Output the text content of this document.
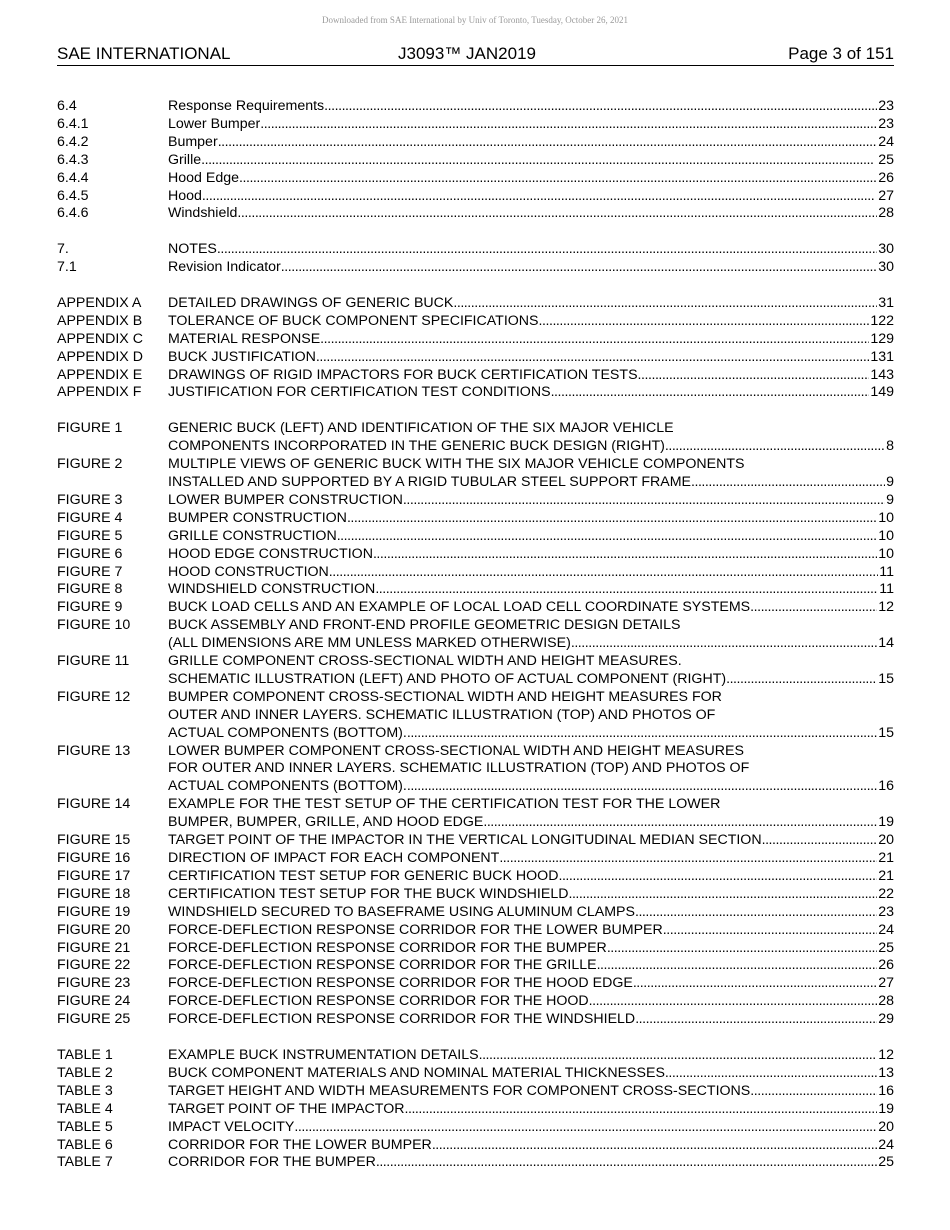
Downloaded from SAE International by Univ of Toronto, Tuesday, October 26, 2021
SAE INTERNATIONAL	J3093™ JAN2019	Page 3 of 151
6.4	Response Requirements . . .	23
6.4.1	Lower Bumper . . .	23
6.4.2	Bumper . . .	24
6.4.3	Grille . . .	25
6.4.4	Hood Edge . . .	26
6.4.5	Hood . . .	27
6.4.6	Windshield . . .	28
7.	NOTES . . .	30
7.1	Revision Indicator . . .	30
APPENDIX A	DETAILED DRAWINGS OF GENERIC BUCK . . .	31
APPENDIX B	TOLERANCE OF BUCK COMPONENT SPECIFICATIONS . . .	122
APPENDIX C	MATERIAL RESPONSE . . .	129
APPENDIX D	BUCK JUSTIFICATION . . .	131
APPENDIX E	DRAWINGS OF RIGID IMPACTORS FOR BUCK CERTIFICATION TESTS . . .	143
APPENDIX F	JUSTIFICATION FOR CERTIFICATION TEST CONDITIONS . . .	149
FIGURE 1	GENERIC BUCK (LEFT) AND IDENTIFICATION OF THE SIX MAJOR VEHICLE
COMPONENTS INCORPORATED IN THE GENERIC BUCK DESIGN (RIGHT) . . .	8
FIGURE 2	MULTIPLE VIEWS OF GENERIC BUCK WITH THE SIX MAJOR VEHICLE COMPONENTS
INSTALLED AND SUPPORTED BY A RIGID TUBULAR STEEL SUPPORT FRAME . . .	9
FIGURE 3	LOWER BUMPER CONSTRUCTION . . .	9
FIGURE 4	BUMPER CONSTRUCTION . . .	10
FIGURE 5	GRILLE CONSTRUCTION . . .	10
FIGURE 6	HOOD EDGE CONSTRUCTION . . .	10
FIGURE 7	HOOD CONSTRUCTION . . .	11
FIGURE 8	WINDSHIELD CONSTRUCTION . . .	11
FIGURE 9	BUCK LOAD CELLS AND AN EXAMPLE OF LOCAL LOAD CELL COORDINATE SYSTEMS . . .	12
FIGURE 10	BUCK ASSEMBLY AND FRONT-END PROFILE GEOMETRIC DESIGN DETAILS
(ALL DIMENSIONS ARE MM UNLESS MARKED OTHERWISE) . . .	14
FIGURE 11	GRILLE COMPONENT CROSS-SECTIONAL WIDTH AND HEIGHT MEASURES.
SCHEMATIC ILLUSTRATION (LEFT) AND PHOTO OF ACTUAL COMPONENT (RIGHT) . . .	15
FIGURE 12	BUMPER COMPONENT CROSS-SECTIONAL WIDTH AND HEIGHT MEASURES FOR
OUTER AND INNER LAYERS. SCHEMATIC ILLUSTRATION (TOP) AND PHOTOS OF
ACTUAL COMPONENTS (BOTTOM). . . .	15
FIGURE 13	LOWER BUMPER COMPONENT CROSS-SECTIONAL WIDTH AND HEIGHT MEASURES
FOR OUTER AND INNER LAYERS. SCHEMATIC ILLUSTRATION (TOP) AND PHOTOS OF
ACTUAL COMPONENTS (BOTTOM). . . .	16
FIGURE 14	EXAMPLE FOR THE TEST SETUP OF THE CERTIFICATION TEST FOR THE LOWER
BUMPER, BUMPER, GRILLE, AND HOOD EDGE . . .	19
FIGURE 15	TARGET POINT OF THE IMPACTOR IN THE VERTICAL LONGITUDINAL MEDIAN SECTION . . .	20
FIGURE 16	DIRECTION OF IMPACT FOR EACH COMPONENT . . .	21
FIGURE 17	CERTIFICATION TEST SETUP FOR GENERIC BUCK HOOD . . .	21
FIGURE 18	CERTIFICATION TEST SETUP FOR THE BUCK WINDSHIELD . . .	22
FIGURE 19	WINDSHIELD SECURED TO BASEFRAME USING ALUMINUM CLAMPS . . .	23
FIGURE 20	FORCE-DEFLECTION RESPONSE CORRIDOR FOR THE LOWER BUMPER . . .	24
FIGURE 21	FORCE-DEFLECTION RESPONSE CORRIDOR FOR THE BUMPER . . .	25
FIGURE 22	FORCE-DEFLECTION RESPONSE CORRIDOR FOR THE GRILLE . . .	26
FIGURE 23	FORCE-DEFLECTION RESPONSE CORRIDOR FOR THE HOOD EDGE . . .	27
FIGURE 24	FORCE-DEFLECTION RESPONSE CORRIDOR FOR THE HOOD . . .	28
FIGURE 25	FORCE-DEFLECTION RESPONSE CORRIDOR FOR THE WINDSHIELD . . .	29
TABLE 1	EXAMPLE BUCK INSTRUMENTATION DETAILS . . .	12
TABLE 2	BUCK COMPONENT MATERIALS AND NOMINAL MATERIAL THICKNESSES . . .	13
TABLE 3	TARGET HEIGHT AND WIDTH MEASUREMENTS FOR COMPONENT CROSS-SECTIONS . . .	16
TABLE 4	TARGET POINT OF THE IMPACTOR . . .	19
TABLE 5	IMPACT VELOCITY . . .	20
TABLE 6	CORRIDOR FOR THE LOWER BUMPER . . .	24
TABLE 7	CORRIDOR FOR THE BUMPER . . .	25
